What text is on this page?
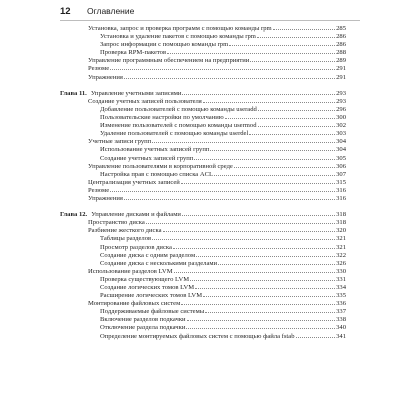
12 Оглавление
Установка, запрос и проверка программ с помощью команды rpm	285
Установка и удаление пакетов с помощью команды rpm	286
Запрос информации с помощью команды rpm	286
Проверка RPM-пакетов	288
Управление программным обеспечением на предприятии	289
Резюме	291
Упражнения	291
Глава 11. Управление учетными записями	293
Создание учетных записей пользователя	293
Добавление пользователей с помощью команды useradd	296
Пользовательские настройки по умолчанию	300
Изменение пользователей с помощью команды usermod	302
Удаление пользователей с помощью команды userdel	303
Учетные записи групп	304
Использование учетных записей групп	304
Создание учетных записей групп	305
Управление пользователями в корпоративной среде	306
Настройка прав с помощью списка ACL	307
Централизация учетных записей	315
Резюме	316
Упражнения	316
Глава 12. Управление дисками и файлами	318
Пространство диска	318
Разбиение жесткого диска	320
Таблицы разделов	321
Просмотр разделов диска	321
Создание диска с одним разделом	322
Создание диска с несколькими разделами	326
Использование разделов LVM	330
Проверка существующего LVM	331
Создание логических томов LVM	334
Расширение логических томов LVM	335
Монтирование файловых систем	336
Поддерживаемые файловые системы	337
Включение разделов подкачки	338
Отключение раздела подкачки	340
Определение монтируемых файловых систем с помощью файла fstab	341
